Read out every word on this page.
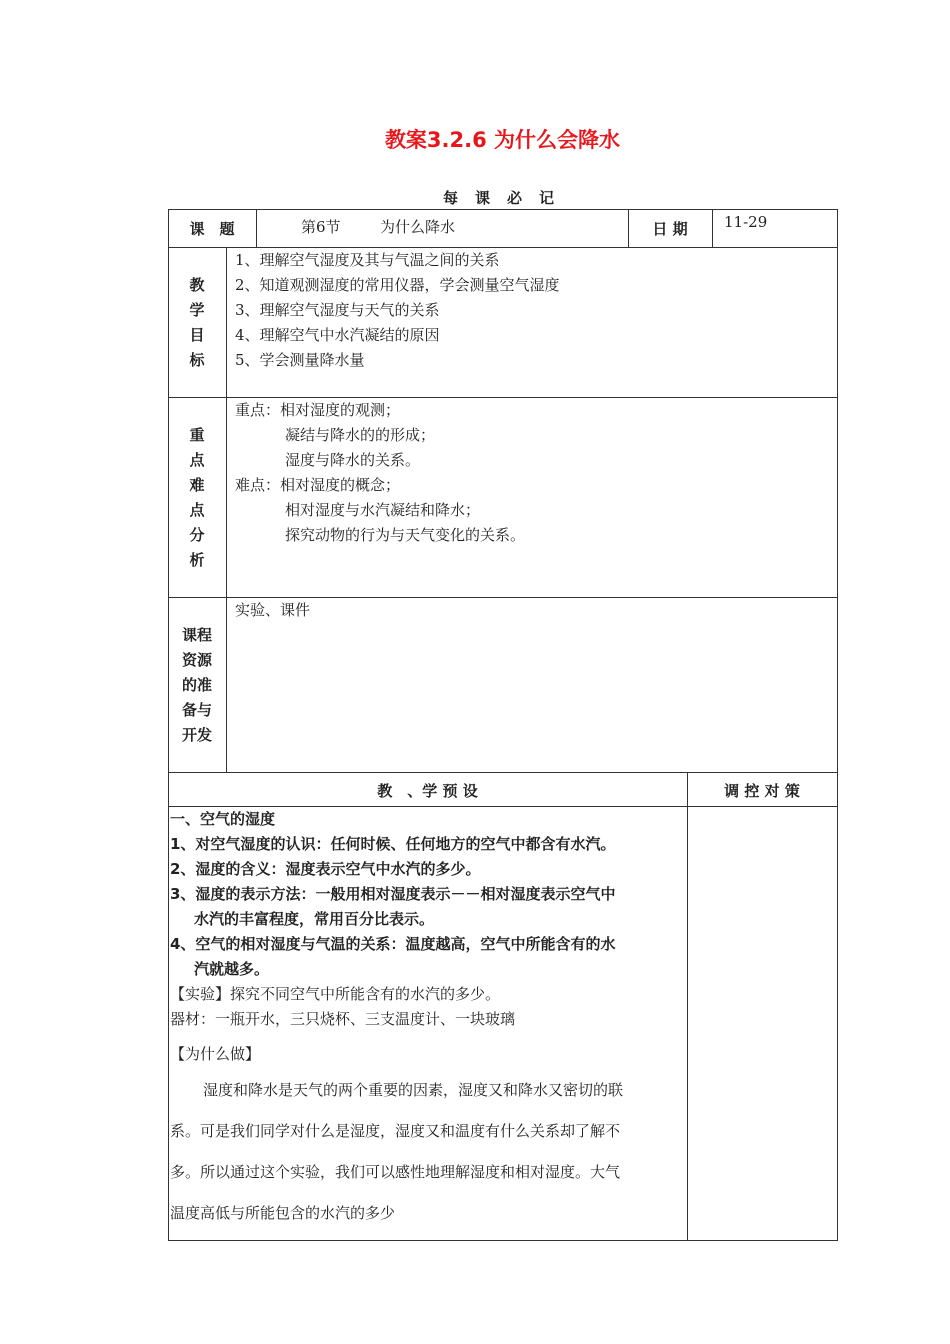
教案3.2.6 为什么会降水
每课必记
课　题	第6节	为什么降水	日 期	11-29
教
学
目
标
1、理解空气湿度及其与气温之间的关系
2、知道观测湿度的常用仪器，学会测量空气湿度
3、理解空气湿度与天气的关系
4、理解空气中水汽凝结的原因
5、学会测量降水量
重
点
难
点
分
析
重点：相对湿度的观测；
凝结与降水的的形成；
湿度与降水的关系。
难点：相对湿度的概念；
相对湿度与水汽凝结和降水；
探究动物的行为与天气变化的关系。
课程
资源
的准
备与
开发
实验、课件
教　、学 预 设	调 控 对 策
一、空气的湿度
1、对空气湿度的认识：任何时候、任何地方的空气中都含有水汽。
2、湿度的含义：湿度表示空气中水汽的多少。
3、湿度的表示方法：一般用相对湿度表示－－相对湿度表示空气中
水汽的丰富程度，常用百分比表示。
4、空气的相对湿度与气温的关系：温度越高，空气中所能含有的水
汽就越多。
【实验】探究不同空气中所能含有的水汽的多少。
器材：一瓶开水，三只烧杯、三支温度计、一块玻璃
【为什么做】
湿度和降水是天气的两个重要的因素，湿度又和降水又密切的联
系。可是我们同学对什么是湿度，湿度又和温度有什么关系却了解不
多。所以通过这个实验，我们可以感性地理解湿度和相对湿度。大气
温度高低与所能包含的水汽的多少
